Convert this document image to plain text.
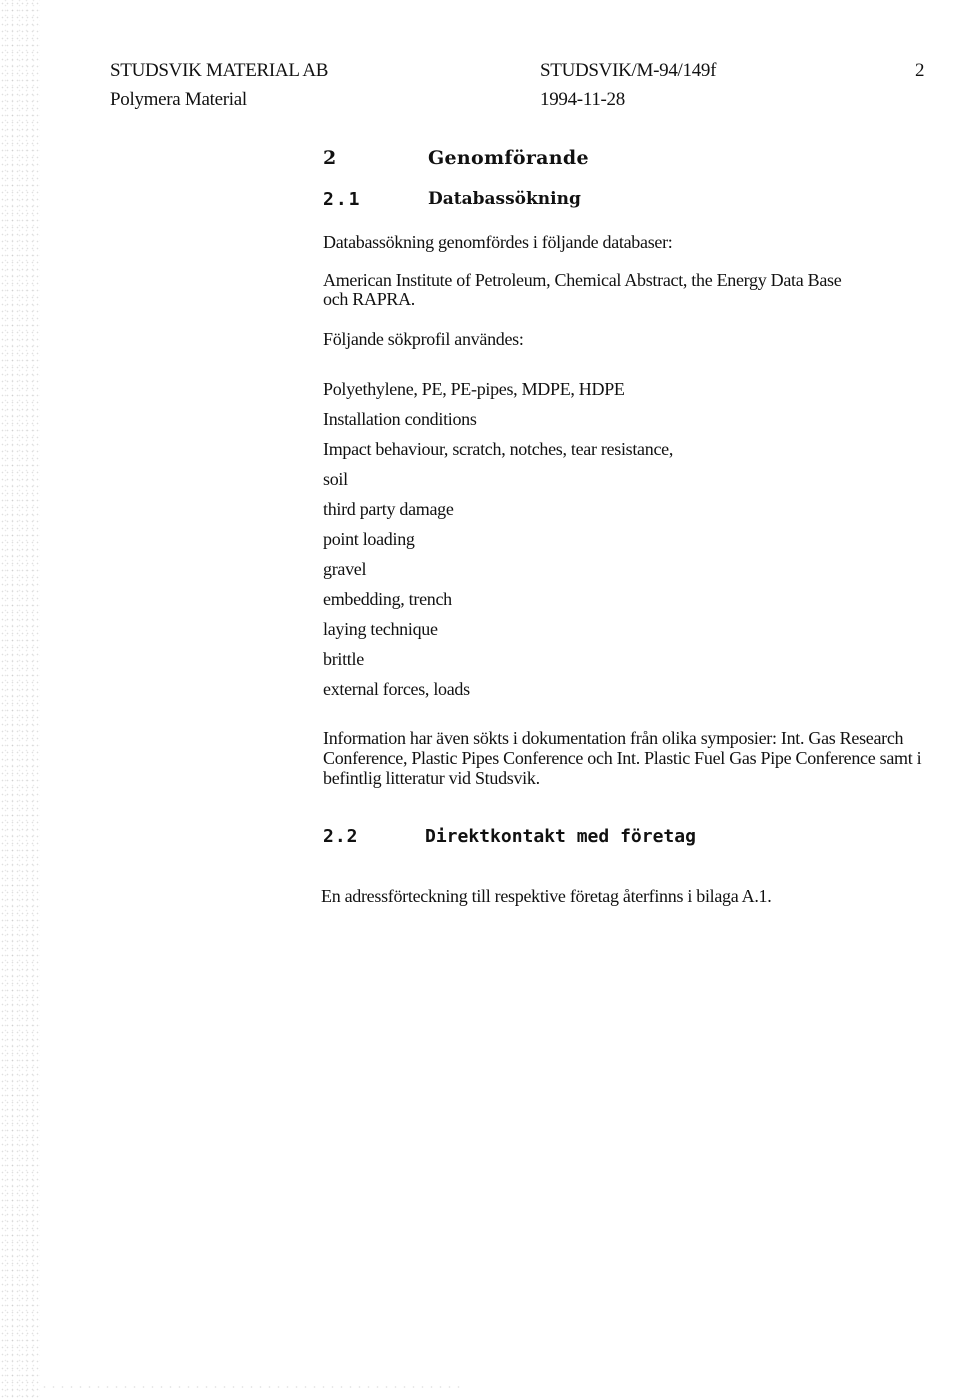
STUDSVIK MATERIAL AB	STUDSVIK/M-94/149f	2
Polymera Material	1994-11-28
2	Genomförande
2.1	Databassökning
Databassökning genomfördes i följande databaser:
American Institute of Petroleum, Chemical Abstract, the Energy Data Base
och RAPRA.
Följande sökprofil användes:
Polyethylene, PE, PE-pipes, MDPE, HDPE
Installation conditions
Impact behaviour, scratch, notches, tear resistance,
soil
third party damage
point loading
gravel
embedding, trench
laying technique
brittle
external forces, loads
Information har även sökts i dokumentation från olika symposier: Int. Gas Research Conference, Plastic Pipes Conference och Int. Plastic Fuel Gas Pipe Conference samt i befintlig litteratur vid Studsvik.
2.2	Direktkontakt med företag
En adressförteckning till respektive företag återfinns i bilaga A.1.
